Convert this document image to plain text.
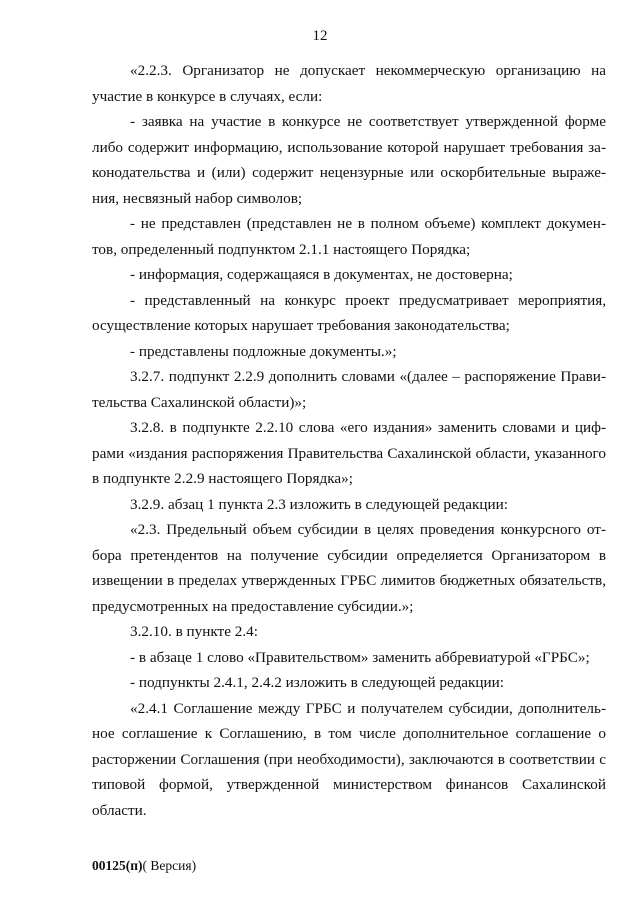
12

«2.2.3. Организатор не допускает некоммерческую организацию на участие в конкурсе в случаях, если:

- заявка на участие в конкурсе не соответствует утвержденной форме либо содержит информацию, использование которой нарушает требования законодательства и (или) содержит нецензурные или оскорбительные выражения, несвязный набор символов;

- не представлен (представлен не в полном объеме) комплект документов, определенный подпунктом 2.1.1 настоящего Порядка;

- информация, содержащаяся в документах, не достоверна;

- представленный на конкурс проект предусматривает мероприятия, осуществление которых нарушает требования законодательства;

- представлены подложные документы.»;

3.2.7. подпункт 2.2.9 дополнить словами «(далее – распоряжение Правительства Сахалинской области)»;

3.2.8. в подпункте 2.2.10 слова «его издания» заменить словами и цифрами «издания распоряжения Правительства Сахалинской области, указанного в подпункте 2.2.9 настоящего Порядка»;

3.2.9. абзац 1 пункта 2.3 изложить в следующей редакции:

«2.3. Предельный объем субсидии в целях проведения конкурсного отбора претендентов на получение субсидии определяется Организатором в извещении в пределах утвержденных ГРБС лимитов бюджетных обязательств, предусмотренных на предоставление субсидии.»;

3.2.10. в пункте 2.4:

- в абзаце 1 слово «Правительством» заменить аббревиатурой «ГРБС»;

- подпункты 2.4.1, 2.4.2 изложить в следующей редакции:

«2.4.1 Соглашение между ГРБС и получателем субсидии, дополнительное соглашение к Соглашению, в том числе дополнительное соглашение о расторжении Соглашения (при необходимости), заключаются в соответствии с типовой формой, утвержденной министерством финансов Сахалинской области.

00125(п)( Версия)
